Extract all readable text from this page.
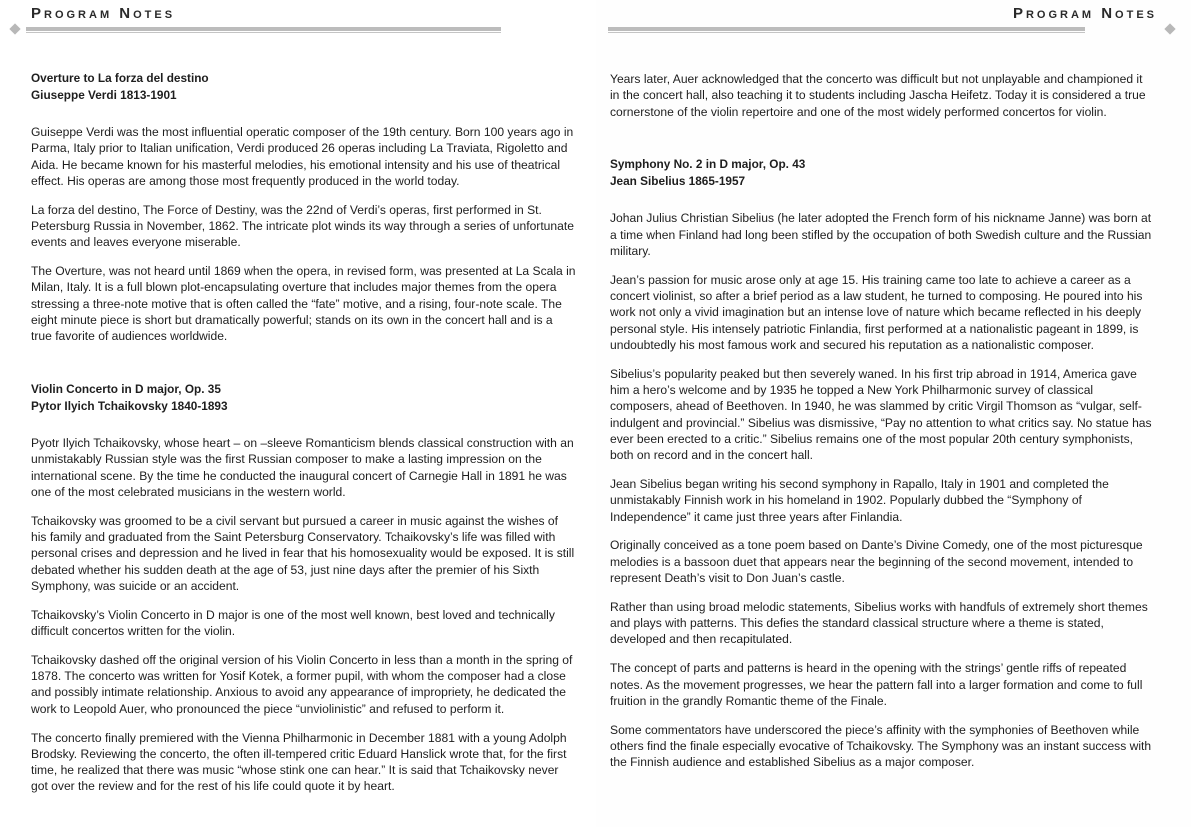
Program Notes
Overture to La forza del destino
Giuseppe Verdi 1813-1901

Guiseppe Verdi was the most influential operatic composer of the 19th century. Born 100 years ago in Parma, Italy prior to Italian unification, Verdi produced 26 operas including La Traviata, Rigoletto and Aida. He became known for his masterful melodies, his emotional intensity and his use of theatrical effect. His operas are among those most frequently produced in the world today.

La forza del destino, The Force of Destiny, was the 22nd of Verdi’s operas, first performed in St. Petersburg Russia in November, 1862. The intricate plot winds its way through a series of unfortunate events and leaves everyone miserable.

The Overture, was not heard until 1869 when the opera, in revised form, was presented at La Scala in Milan, Italy. It is a full blown plot-encapsulating overture that includes major themes from the opera stressing a three-note motive that is often called the “fate” motive, and a rising, four-note scale. The eight minute piece is short but dramatically powerful; stands on its own in the concert hall and is a true favorite of audiences worldwide.

Violin Concerto in D major, Op. 35
Pytor Ilyich Tchaikovsky 1840-1893

Pyotr Ilyich Tchaikovsky, whose heart – on –sleeve Romanticism blends classical construction with an unmistakably Russian style was the first Russian composer to make a lasting impression on the international scene. By the time he conducted the inaugural concert of Carnegie Hall in 1891 he was one of the most celebrated musicians in the western world.

Tchaikovsky was groomed to be a civil servant but pursued a career in music against the wishes of his family and graduated from the Saint Petersburg Conservatory. Tchaikovsky’s life was filled with personal crises and depression and he lived in fear that his homosexuality would be exposed. It is still debated whether his sudden death at the age of 53, just nine days after the premier of his Sixth Symphony, was suicide or an accident.

Tchaikovsky’s Violin Concerto in D major is one of the most well known, best loved and technically difficult concertos written for the violin.

Tchaikovsky dashed off the original version of his Violin Concerto in less than a month in the spring of 1878. The concerto was written for Yosif Kotek, a former pupil, with whom the composer had a close and possibly intimate relationship. Anxious to avoid any appearance of impropriety, he dedicated the work to Leopold Auer, who pronounced the piece “unviolinistic” and refused to perform it.

The concerto finally premiered with the Vienna Philharmonic in December 1881 with a young Adolph Brodsky. Reviewing the concerto, the often ill-tempered critic Eduard Hanslick wrote that, for the first time, he realized that there was music “whose stink one can hear.” It is said that Tchaikovsky never got over the review and for the rest of his life could quote it by heart.

Program Notes

Years later, Auer acknowledged that the concerto was difficult but not unplayable and championed it in the concert hall, also teaching it to students including Jascha Heifetz. Today it is considered a true cornerstone of the violin repertoire and one of the most widely performed concertos for violin.

Symphony No. 2 in D major, Op. 43
Jean Sibelius 1865-1957

Johan Julius Christian Sibelius (he later adopted the French form of his nickname Janne) was born at a time when Finland had long been stifled by the occupation of both Swedish culture and the Russian military.

Jean’s passion for music arose only at age 15. His training came too late to achieve a career as a concert violinist, so after a brief period as a law student, he turned to composing. He poured into his work not only a vivid imagination but an intense love of nature which became reflected in his deeply personal style. His intensely patriotic Finlandia, first performed at a nationalistic pageant in 1899, is undoubtedly his most famous work and secured his reputation as a nationalistic composer.

Sibelius’s popularity peaked but then severely waned. In his first trip abroad in 1914, America gave him a hero’s welcome and by 1935 he topped a New York Philharmonic survey of classical composers, ahead of Beethoven. In 1940, he was slammed by critic Virgil Thomson as “vulgar, self-indulgent and provincial.” Sibelius was dismissive, “Pay no attention to what critics say. No statue has ever been erected to a critic.” Sibelius remains one of the most popular 20th century symphonists, both on record and in the concert hall.

Jean Sibelius began writing his second symphony in Rapallo, Italy in 1901 and completed the unmistakably Finnish work in his homeland in 1902. Popularly dubbed the “Symphony of Independence” it came just three years after Finlandia.

Originally conceived as a tone poem based on Dante’s Divine Comedy, one of the most picturesque melodies is a bassoon duet that appears near the beginning of the second movement, intended to represent Death’s visit to Don Juan’s castle.

Rather than using broad melodic statements, Sibelius works with handfuls of extremely short themes and plays with patterns. This defies the standard classical structure where a theme is stated, developed and then recapitulated.

The concept of parts and patterns is heard in the opening with the strings’ gentle riffs of repeated notes. As the movement progresses, we hear the pattern fall into a larger formation and come to full fruition in the grandly Romantic theme of the Finale.

Some commentators have underscored the piece’s affinity with the symphonies of Beethoven while others find the finale especially evocative of Tchaikovsky. The Symphony was an instant success with the Finnish audience and established Sibelius as a major composer.
